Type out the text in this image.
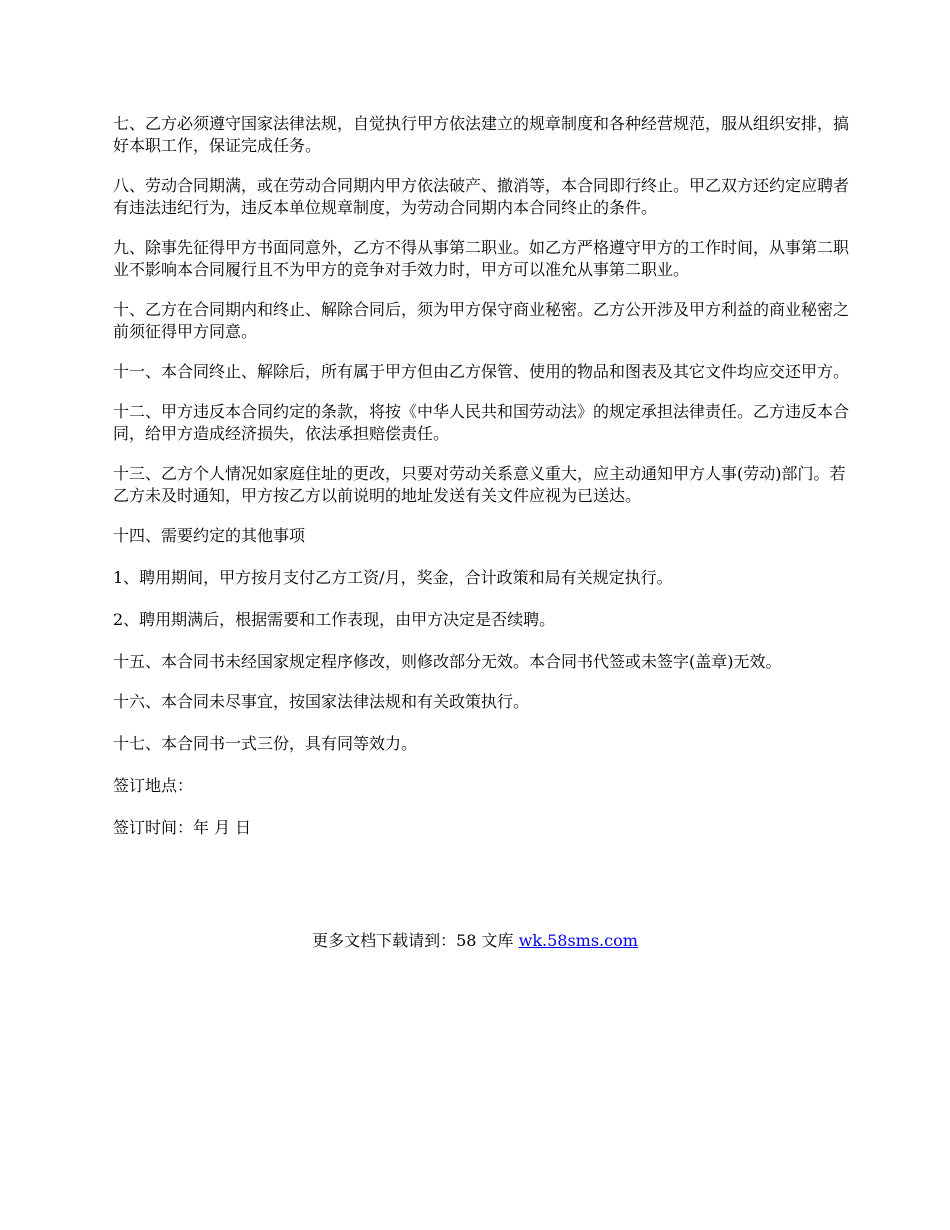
七、乙方必须遵守国家法律法规，自觉执行甲方依法建立的规章制度和各种经营规范，服从组织安排，搞好本职工作，保证完成任务。

八、劳动合同期满，或在劳动合同期内甲方依法破产、撤消等，本合同即行终止。甲乙双方还约定应聘者有违法违纪行为，违反本单位规章制度，为劳动合同期内本合同终止的条件。

九、除事先征得甲方书面同意外，乙方不得从事第二职业。如乙方严格遵守甲方的工作时间，从事第二职业不影响本合同履行且不为甲方的竞争对手效力时，甲方可以准允从事第二职业。

十、乙方在合同期内和终止、解除合同后，须为甲方保守商业秘密。乙方公开涉及甲方利益的商业秘密之前须征得甲方同意。

十一、本合同终止、解除后，所有属于甲方但由乙方保管、使用的物品和图表及其它文件均应交还甲方。

十二、甲方违反本合同约定的条款，将按《中华人民共和国劳动法》的规定承担法律责任。乙方违反本合同，给甲方造成经济损失，依法承担赔偿责任。

十三、乙方个人情况如家庭住址的更改，只要对劳动关系意义重大，应主动通知甲方人事(劳动)部门。若乙方未及时通知，甲方按乙方以前说明的地址发送有关文件应视为已送达。

十四、需要约定的其他事项

1、聘用期间，甲方按月支付乙方工资/月，奖金，合计政策和局有关规定执行。

2、聘用期满后，根据需要和工作表现，由甲方决定是否续聘。

十五、本合同书未经国家规定程序修改，则修改部分无效。本合同书代签或未签字(盖章)无效。

十六、本合同未尽事宜，按国家法律法规和有关政策执行。

十七、本合同书一式三份，具有同等效力。

签订地点：

签订时间：年 月 日

更多文档下载请到：58 文库 wk.58sms.com
